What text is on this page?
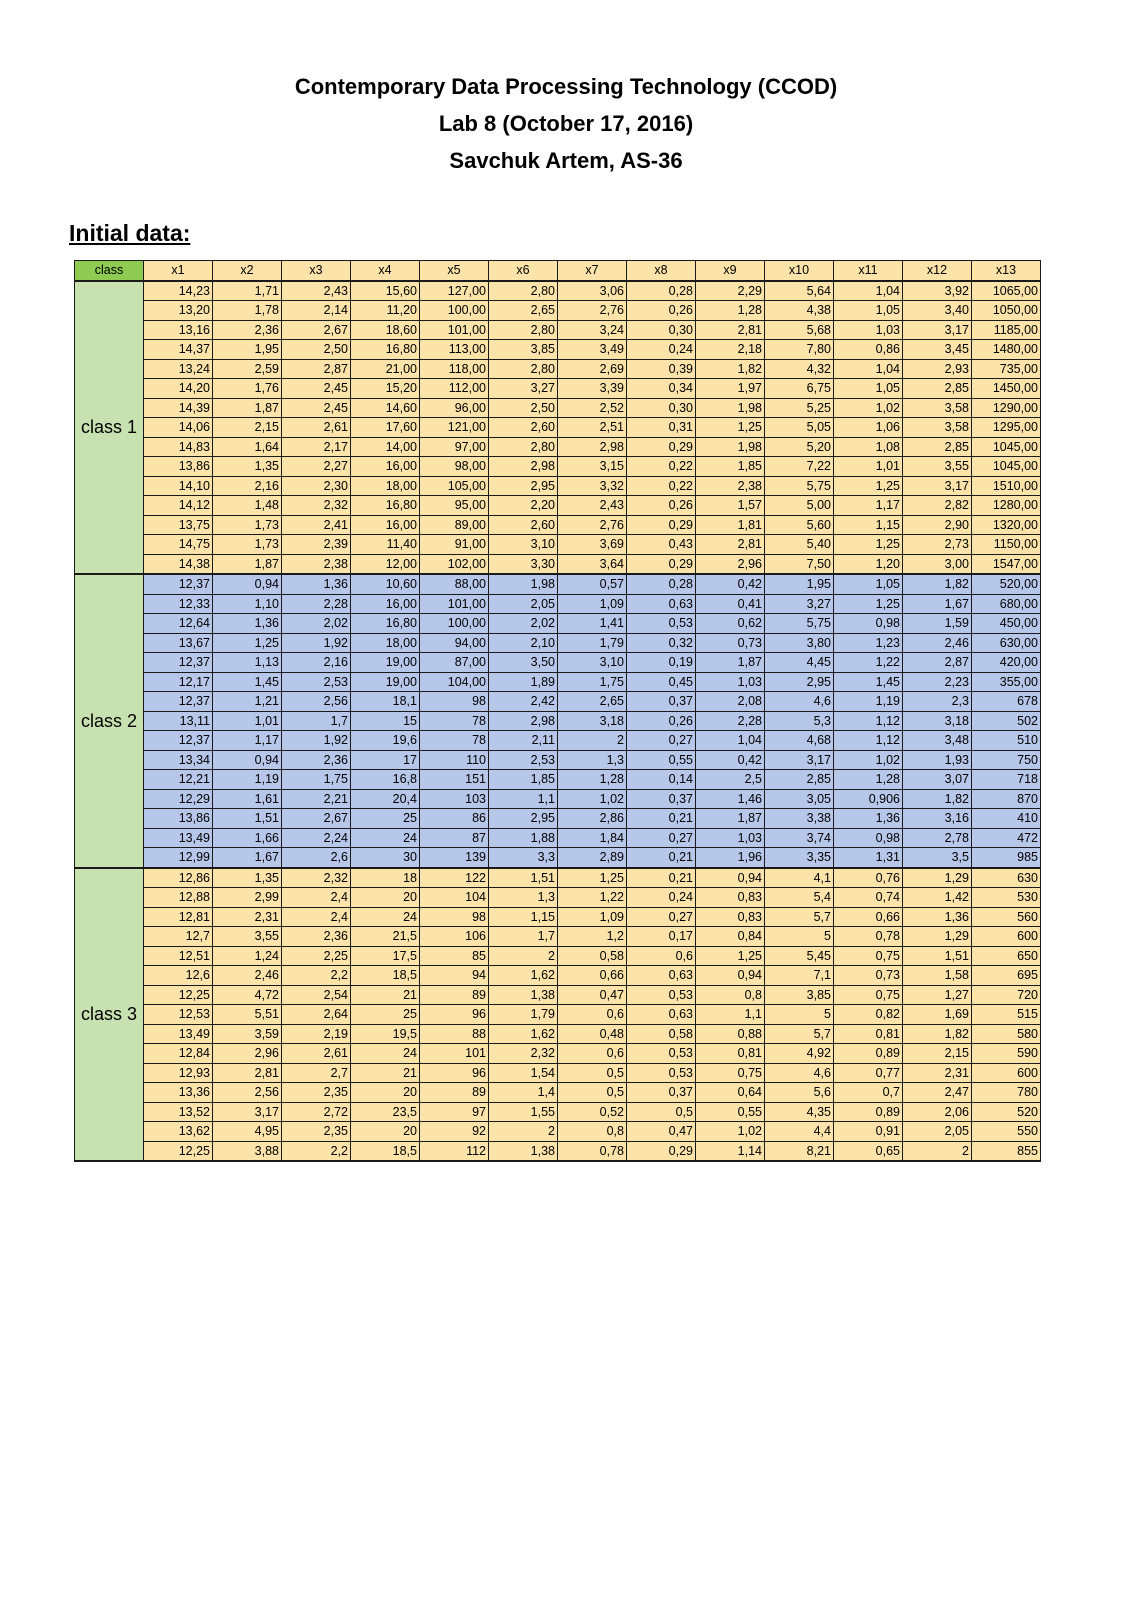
Contemporary Data Processing Technology (CCOD)
Lab 8 (October 17, 2016)
Savchuk Artem, AS-36
Initial data:
class	x1	x2	x3	x4	x5	x6	x7	x8	x9	x10	x11	x12	x13
class 1	14,23	1,71	2,43	15,60	127,00	2,80	3,06	0,28	2,29	5,64	1,04	3,92	1065,00
	13,20	1,78	2,14	11,20	100,00	2,65	2,76	0,26	1,28	4,38	1,05	3,40	1050,00
	13,16	2,36	2,67	18,60	101,00	2,80	3,24	0,30	2,81	5,68	1,03	3,17	1185,00
	14,37	1,95	2,50	16,80	113,00	3,85	3,49	0,24	2,18	7,80	0,86	3,45	1480,00
	13,24	2,59	2,87	21,00	118,00	2,80	2,69	0,39	1,82	4,32	1,04	2,93	735,00
	14,20	1,76	2,45	15,20	112,00	3,27	3,39	0,34	1,97	6,75	1,05	2,85	1450,00
	14,39	1,87	2,45	14,60	96,00	2,50	2,52	0,30	1,98	5,25	1,02	3,58	1290,00
	14,06	2,15	2,61	17,60	121,00	2,60	2,51	0,31	1,25	5,05	1,06	3,58	1295,00
	14,83	1,64	2,17	14,00	97,00	2,80	2,98	0,29	1,98	5,20	1,08	2,85	1045,00
	13,86	1,35	2,27	16,00	98,00	2,98	3,15	0,22	1,85	7,22	1,01	3,55	1045,00
	14,10	2,16	2,30	18,00	105,00	2,95	3,32	0,22	2,38	5,75	1,25	3,17	1510,00
	14,12	1,48	2,32	16,80	95,00	2,20	2,43	0,26	1,57	5,00	1,17	2,82	1280,00
	13,75	1,73	2,41	16,00	89,00	2,60	2,76	0,29	1,81	5,60	1,15	2,90	1320,00
	14,75	1,73	2,39	11,40	91,00	3,10	3,69	0,43	2,81	5,40	1,25	2,73	1150,00
	14,38	1,87	2,38	12,00	102,00	3,30	3,64	0,29	2,96	7,50	1,20	3,00	1547,00
class 2	12,37	0,94	1,36	10,60	88,00	1,98	0,57	0,28	0,42	1,95	1,05	1,82	520,00
	12,33	1,10	2,28	16,00	101,00	2,05	1,09	0,63	0,41	3,27	1,25	1,67	680,00
	12,64	1,36	2,02	16,80	100,00	2,02	1,41	0,53	0,62	5,75	0,98	1,59	450,00
	13,67	1,25	1,92	18,00	94,00	2,10	1,79	0,32	0,73	3,80	1,23	2,46	630,00
	12,37	1,13	2,16	19,00	87,00	3,50	3,10	0,19	1,87	4,45	1,22	2,87	420,00
	12,17	1,45	2,53	19,00	104,00	1,89	1,75	0,45	1,03	2,95	1,45	2,23	355,00
	12,37	1,21	2,56	18,1	98	2,42	2,65	0,37	2,08	4,6	1,19	2,3	678
	13,11	1,01	1,7	15	78	2,98	3,18	0,26	2,28	5,3	1,12	3,18	502
	12,37	1,17	1,92	19,6	78	2,11	2	0,27	1,04	4,68	1,12	3,48	510
	13,34	0,94	2,36	17	110	2,53	1,3	0,55	0,42	3,17	1,02	1,93	750
	12,21	1,19	1,75	16,8	151	1,85	1,28	0,14	2,5	2,85	1,28	3,07	718
	12,29	1,61	2,21	20,4	103	1,1	1,02	0,37	1,46	3,05	0,906	1,82	870
	13,86	1,51	2,67	25	86	2,95	2,86	0,21	1,87	3,38	1,36	3,16	410
	13,49	1,66	2,24	24	87	1,88	1,84	0,27	1,03	3,74	0,98	2,78	472
	12,99	1,67	2,6	30	139	3,3	2,89	0,21	1,96	3,35	1,31	3,5	985
class 3	12,86	1,35	2,32	18	122	1,51	1,25	0,21	0,94	4,1	0,76	1,29	630
	12,88	2,99	2,4	20	104	1,3	1,22	0,24	0,83	5,4	0,74	1,42	530
	12,81	2,31	2,4	24	98	1,15	1,09	0,27	0,83	5,7	0,66	1,36	560
	12,7	3,55	2,36	21,5	106	1,7	1,2	0,17	0,84	5	0,78	1,29	600
	12,51	1,24	2,25	17,5	85	2	0,58	0,6	1,25	5,45	0,75	1,51	650
	12,6	2,46	2,2	18,5	94	1,62	0,66	0,63	0,94	7,1	0,73	1,58	695
	12,25	4,72	2,54	21	89	1,38	0,47	0,53	0,8	3,85	0,75	1,27	720
	12,53	5,51	2,64	25	96	1,79	0,6	0,63	1,1	5	0,82	1,69	515
	13,49	3,59	2,19	19,5	88	1,62	0,48	0,58	0,88	5,7	0,81	1,82	580
	12,84	2,96	2,61	24	101	2,32	0,6	0,53	0,81	4,92	0,89	2,15	590
	12,93	2,81	2,7	21	96	1,54	0,5	0,53	0,75	4,6	0,77	2,31	600
	13,36	2,56	2,35	20	89	1,4	0,5	0,37	0,64	5,6	0,7	2,47	780
	13,52	3,17	2,72	23,5	97	1,55	0,52	0,5	0,55	4,35	0,89	2,06	520
	13,62	4,95	2,35	20	92	2	0,8	0,47	1,02	4,4	0,91	2,05	550
	12,25	3,88	2,2	18,5	112	1,38	0,78	0,29	1,14	8,21	0,65	2	855
